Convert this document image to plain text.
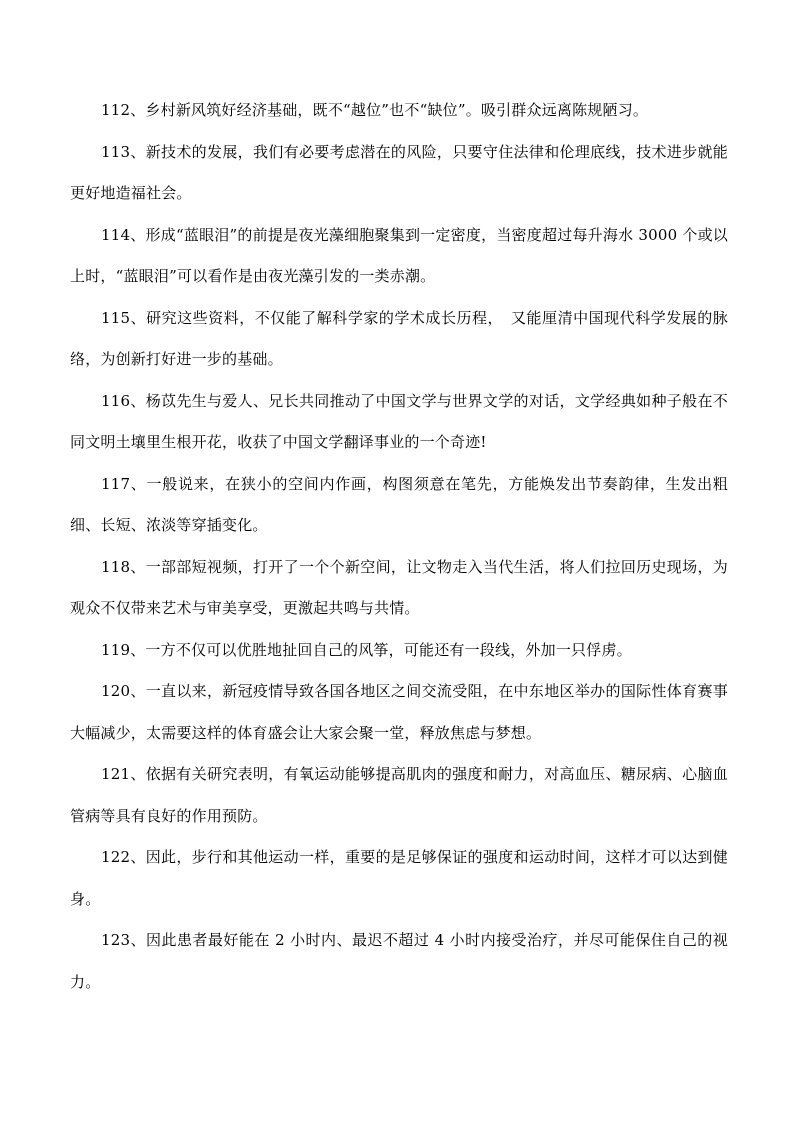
112、乡村新风筑好经济基础，既不“越位”也不“缺位”。吸引群众远离陈规陋习。

113、新技术的发展，我们有必要考虑潜在的风险，只要守住法律和伦理底线，技术进步就能更好地造福社会。

114、形成“蓝眼泪”的前提是夜光藻细胞聚集到一定密度，当密度超过每升海水 3000 个或以上时，“蓝眼泪”可以看作是由夜光藻引发的一类赤潮。

115、研究这些资料，不仅能了解科学家的学术成长历程，　又能厘清中国现代科学发展的脉络，为创新打好进一步的基础。

116、杨苡先生与爱人、兄长共同推动了中国文学与世界文学的对话，文学经典如种子般在不同文明土壤里生根开花，收获了中国文学翻译事业的一个奇迹!

117、一般说来，在狭小的空间内作画，构图须意在笔先，方能焕发出节奏韵律，生发出粗细、长短、浓淡等穿插变化。

118、一部部短视频，打开了一个个新空间，让文物走入当代生活，将人们拉回历史现场，为观众不仅带来艺术与审美享受，更激起共鸣与共情。

119、一方不仅可以优胜地扯回自己的风筝，可能还有一段线，外加一只俘虏。

120、一直以来，新冠疫情导致各国各地区之间交流受阻，在中东地区举办的国际性体育赛事大幅减少，太需要这样的体育盛会让大家会聚一堂，释放焦虑与梦想。

121、依据有关研究表明，有氧运动能够提高肌肉的强度和耐力，对高血压、糖尿病、心脑血管病等具有良好的作用预防。

122、因此，步行和其他运动一样，重要的是足够保证的强度和运动时间，这样才可以达到健身。

123、因此患者最好能在 2 小时内、最迟不超过 4 小时内接受治疗，并尽可能保住自己的视力。
